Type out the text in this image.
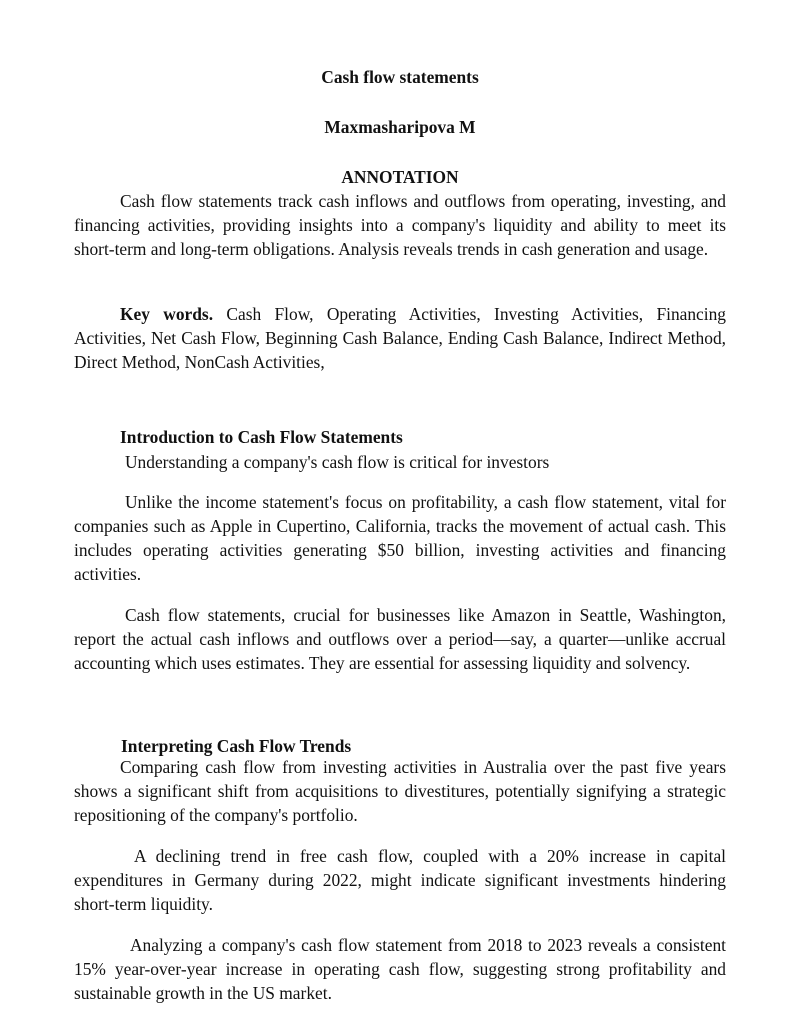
Cash flow statements
Maxmasharipova M
ANNOTATION
Cash flow statements track cash inflows and outflows from operating, investing, and financing activities, providing insights into a company's liquidity and ability to meet its short-term and long-term obligations. Analysis reveals trends in cash generation and usage.
Key words. Cash Flow, Operating Activities, Investing Activities, Financing Activities, Net Cash Flow, Beginning Cash Balance, Ending Cash Balance, Indirect Method, Direct Method, NonCash Activities,
Introduction to Cash Flow Statements
Understanding a company's cash flow is critical for investors
Unlike the income statement's focus on profitability, a cash flow statement, vital for companies such as Apple in Cupertino, California, tracks the movement of actual cash. This includes operating activities generating $50 billion, investing activities and financing activities.
Cash flow statements, crucial for businesses like Amazon in Seattle, Washington, report the actual cash inflows and outflows over a period—say, a quarter—unlike accrual accounting which uses estimates. They are essential for assessing liquidity and solvency.
Interpreting Cash Flow Trends
Comparing cash flow from investing activities in Australia over the past five years shows a significant shift from acquisitions to divestitures, potentially signifying a strategic repositioning of the company's portfolio.
A declining trend in free cash flow, coupled with a 20% increase in capital expenditures in Germany during 2022, might indicate significant investments hindering short-term liquidity.
Analyzing a company's cash flow statement from 2018 to 2023 reveals a consistent 15% year-over-year increase in operating cash flow, suggesting strong profitability and sustainable growth in the US market.
